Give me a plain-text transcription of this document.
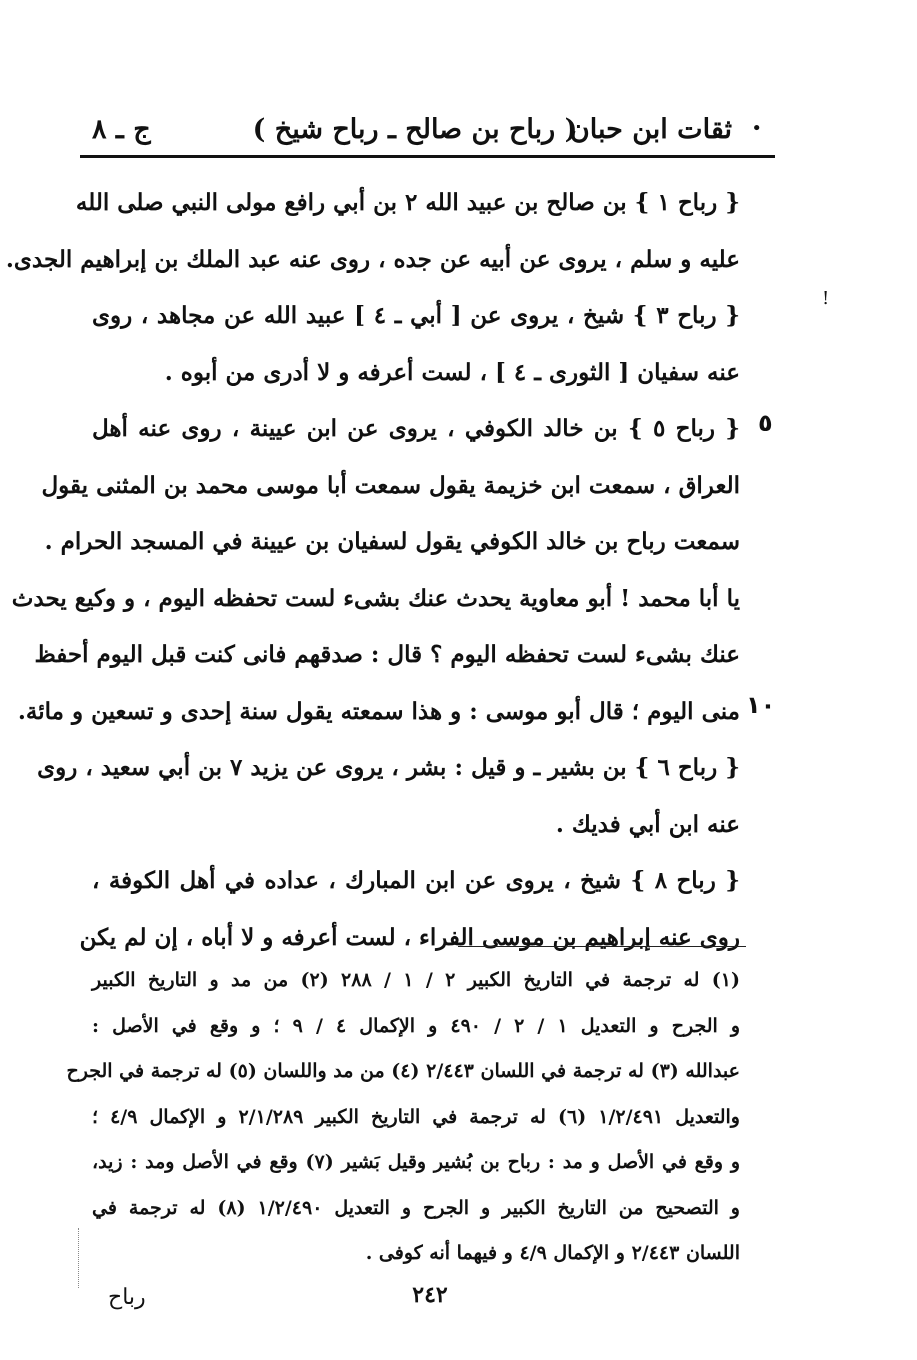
•
ثقات ابن حبان
( رباح بن صالح ـ رباح شيخ )
ج ـ ٨
!
٥
١٠
{ رباح ١ } بن صالح بن عبيد الله ٢ بن أبي رافع مولى النبي صلى الله
عليه و سلم ، يروى عن أبيه عن جده ، روى عنه عبد الملك بن إبراهيم الجدى.
{ رباح ٣ } شيخ ، يروى عن [ أبي ـ ٤ ] عبيد الله عن مجاهد ، روى
عنه سفيان [ الثورى ـ ٤ ] ، لست أعرفه و لا أدرى من أبوه .
{ رباح ٥ } بن خالد الكوفي ، يروى عن ابن عيينة ، روى عنه أهل
العراق ، سمعت ابن خزيمة يقول سمعت أبا موسى محمد بن المثنى يقول
سمعت رباح بن خالد الكوفي يقول لسفيان بن عيينة في المسجد الحرام .
يا أبا محمد ! أبو معاوية يحدث عنك بشىء لست تحفظه اليوم ، و وكيع يحدث
عنك بشىء لست تحفظه اليوم ؟ قال : صدقهم فانى كنت قبل اليوم أحفظ
منى اليوم ؛ قال أبو موسى : و هذا سمعته يقول سنة إحدى و تسعين و مائة.
{ رباح ٦ } بن بشير ـ و قيل : بشر ، يروى عن يزيد ٧ بن أبي سعيد ، روى
عنه ابن أبي فديك .
{ رباح ٨ } شيخ ، يروى عن ابن المبارك ، عداده في أهل الكوفة ،
روى عنه إبراهيم بن موسى الفراء ، لست أعرفه و لا أباه ، إن لم يكن
(١) له ترجمة في التاريخ الكبير ٢ / ١ / ٢٨٨ (٢) من مد و التاريخ الكبير
و الجرح و التعديل ١ / ٢ / ٤٩٠ و الإكمال ٤ / ٩ ؛ و وقع في الأصل :
عبدالله (٣) له ترجمة في اللسان ٢/٤٤٣ (٤) من مد واللسان (٥) له ترجمة في الجرح
والتعديل ١/٢/٤٩١ (٦) له ترجمة في التاريخ الكبير ٢/١/٢٨٩ و الإكمال ٤/٩ ؛
و وقع في الأصل و مد : رباح بن بُشير وقيل بَشير (٧) وقع في الأصل ومد : زيد،
و التصحيح من التاريخ الكبير و الجرح و التعديل ١/٢/٤٩٠ (٨) له ترجمة في
اللسان ٢/٤٤٣ و الإكمال ٤/٩ و فيهما أنه كوفى .
٢٤٢
رباح
